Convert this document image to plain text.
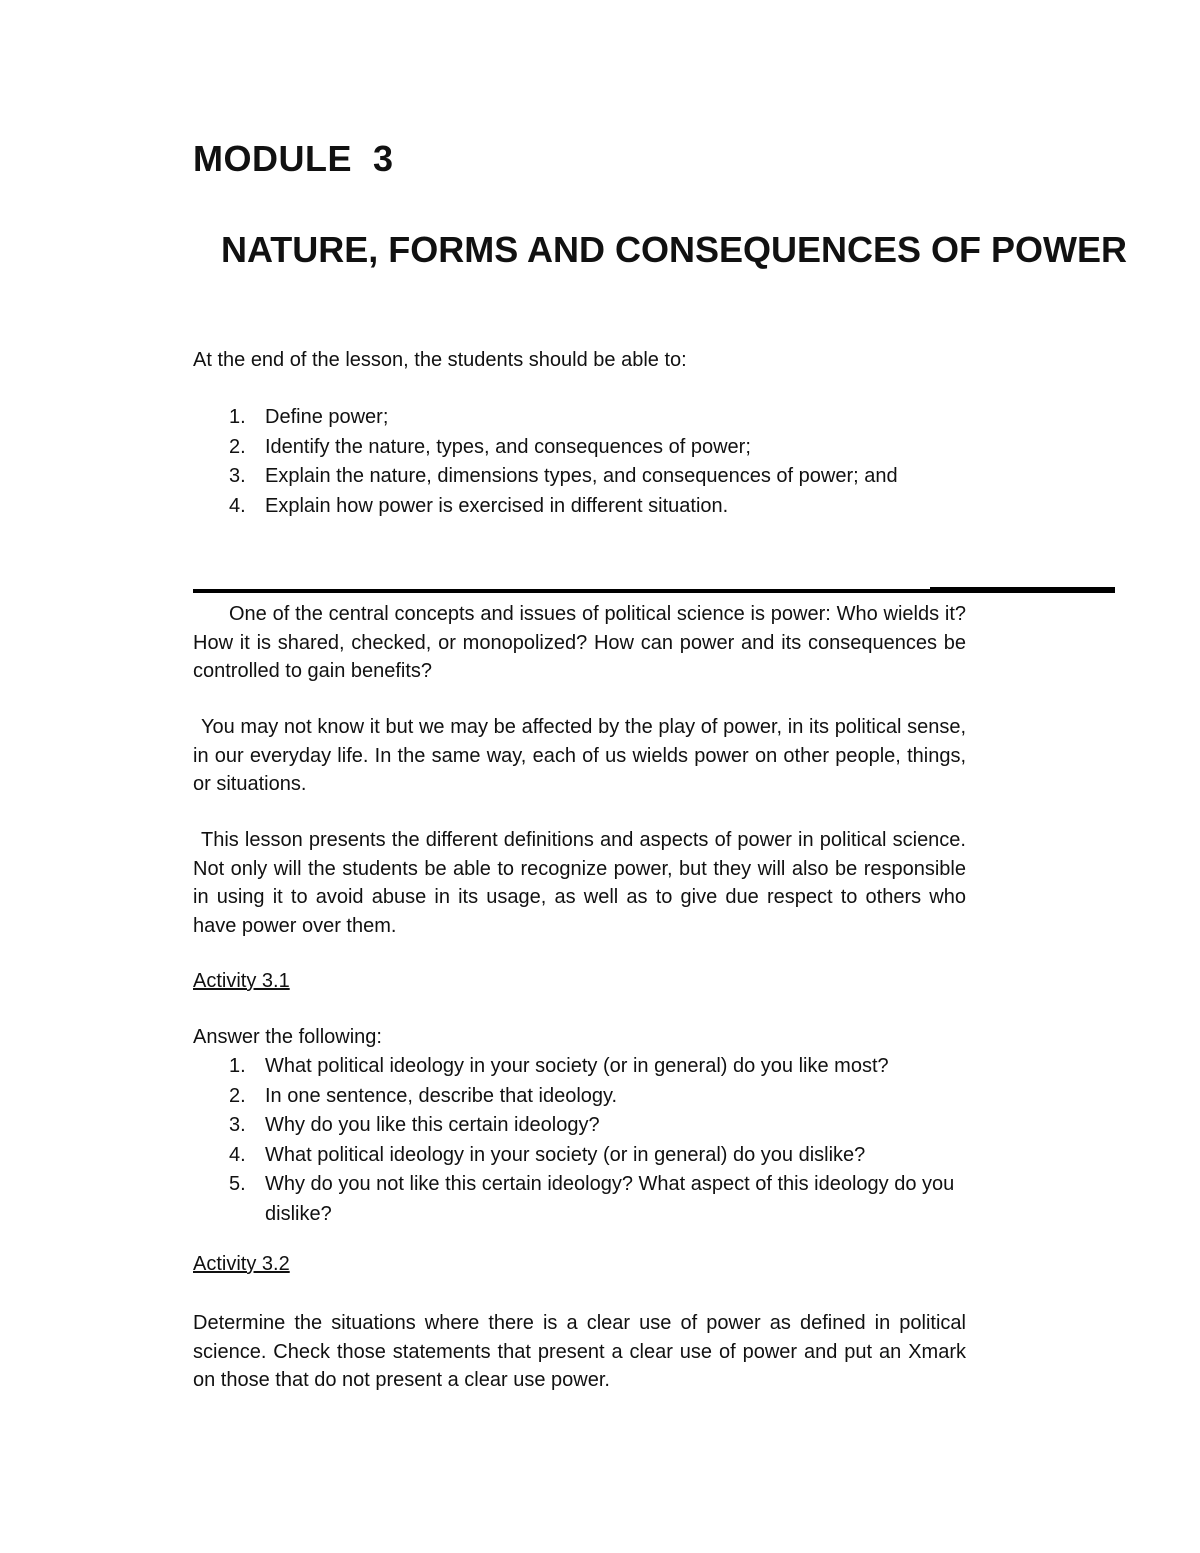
MODULE  3
NATURE, FORMS AND CONSEQUENCES OF POWER

At the end of the lesson, the students should be able to:

1. Define power;
2. Identify the nature, types, and consequences of power;
3. Explain the nature, dimensions types, and consequences of power; and
4. Explain how power is exercised in different situation.

One of the central concepts and issues of political science is power: Who wields it? How it is shared, checked, or monopolized? How can power and its consequences be controlled to gain benefits?

You may not know it but we may be affected by the play of power, in its political sense, in our everyday life. In the same way, each of us wields power on other people, things, or situations.

This lesson presents the different definitions and aspects of power in political science. Not only will the students be able to recognize power, but they will also be responsible in using it to avoid abuse in its usage, as well as to give due respect to others who have power over them.

Activity 3.1

Answer the following:

1. What political ideology in your society (or in general) do you like most?
2. In one sentence, describe that ideology.
3. Why do you like this certain ideology?
4. What political ideology in your society (or in general) do you dislike?
5. Why do you not like this certain ideology? What aspect of this ideology do you dislike?

Activity 3.2

Determine the situations where there is a clear use of power as defined in political science. Check those statements that present a clear use of power and put an Xmark on those that do not present a clear use power.
